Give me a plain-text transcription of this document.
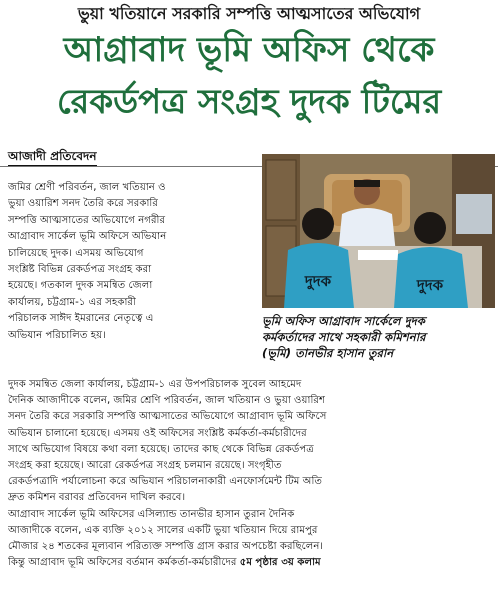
ভুয়া খতিয়ানে সরকারি সম্পত্তি আত্মসাতের অভিযোগ
আগ্রাবাদ ভূমি অফিস থেকে
রেকর্ডপত্র সংগ্রহ দুদক টিমের
আজাদী প্রতিবেদন
জমির শ্রেণী পরিবর্তন, জাল খতিয়ান ও
ভুয়া ওয়ারিশ সনদ তৈরি করে সরকারি
সম্পত্তি আত্মসাতের অভিযোগে নগরীর
আগ্রাবাদ সার্কেল ভূমি অফিসে অভিযান
চালিয়েছে দুদক। এসময় অভিযোগ
সংশ্লিষ্ট বিভিন্ন রেকর্ডপত্র সংগ্রহ করা
হয়েছে। গতকাল দুদক সমন্বিত জেলা
কার্যালয়, চট্টগ্রাম-১ এর সহকারী
পরিচালক সাঈদ ইমরানের নেতৃত্বে এ
অভিযান পরিচালিত হয়।
দুদক	দুদক
ভূমি অফিস আগ্রাবাদ সার্কেলে দুদক
কর্মকর্তাদের সাথে সহকারী কমিশনার
(ভূমি) তানভীর হাসান তুরান
দুদক সমন্বিত জেলা কার্যালয়, চট্টগ্রাম-১ এর উপপরিচালক সুবেল আহমেদ
দৈনিক আজাদীকে বলেন, জমির শ্রেণি পরিবর্তন, জাল খতিয়ান ও ভুয়া ওয়ারিশ
সনদ তৈরি করে সরকারি সম্পত্তি আত্মসাতের অভিযোগে আগ্রাবাদ ভূমি অফিসে
অভিযান চালানো হয়েছে। এসময় ওই অফিসের সংশ্লিষ্ট কর্মকর্তা-কর্মচারীদের
সাথে অভিযোগ বিষয়ে কথা বলা হয়েছে। তাদের কাছ থেকে বিভিন্ন রেকর্ডপত্র
সংগ্রহ করা হয়েছে। আরো রেকর্ডপত্র সংগ্রহ চলমান রয়েছে। সংগৃহীত
রেকর্ডপত্রাদি পর্যালোচনা করে অভিযান পরিচালনাকারী এনফোর্সমেন্ট টিম অতি
দ্রুত কমিশন বরাবর প্রতিবেদন দাখিল করবে।
আগ্রাবাদ সার্কেল ভূমি অফিসের এসিল্যান্ড তানভীর হাসান তুরান দৈনিক
আজাদীকে বলেন, এক ব্যক্তি ২০১২ সালের একটি ভুয়া খতিয়ান দিয়ে রামপুর
মৌজার ২৪ শতকের মূল্যবান পরিত্যক্ত সম্পত্তি গ্রাস করার অপচেষ্টা করছিলেন।
কিন্তু আগ্রাবাদ ভূমি অফিসের বর্তমান কর্মকর্তা-কর্মচারীদের ৫ম পৃষ্ঠার ৩য় কলাম
